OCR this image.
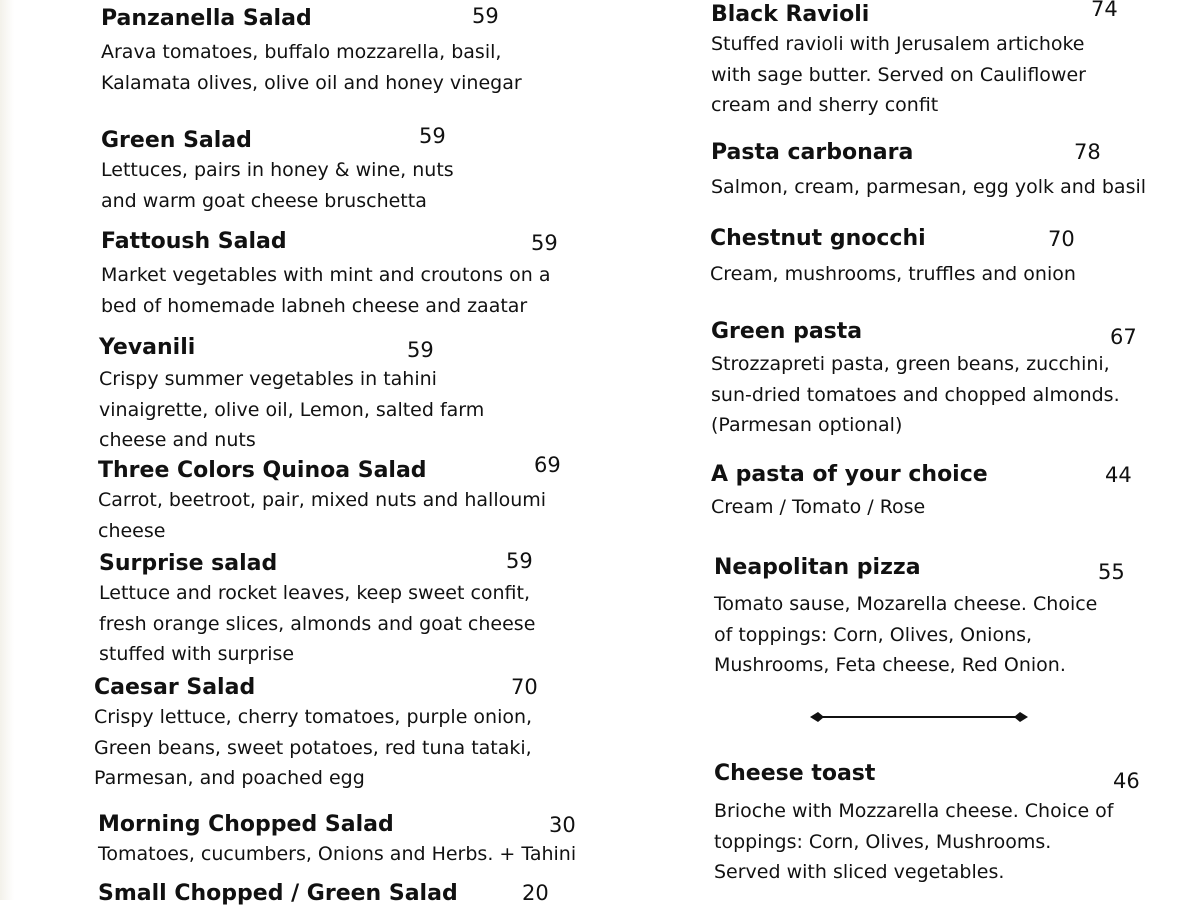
Panzanella Salad	59
Arava tomatoes, buffalo mozzarella, basil,
Kalamata olives, olive oil and honey vinegar
Green Salad	59
Lettuces, pairs in honey & wine, nuts
and warm goat cheese bruschetta
Fattoush Salad	59
Market vegetables with mint and croutons on a
bed of homemade labneh cheese and zaatar
Yevanili	59
Crispy summer vegetables in tahini
vinaigrette, olive oil, Lemon, salted farm
cheese and nuts
Three Colors Quinoa Salad	69
Carrot, beetroot, pair, mixed nuts and halloumi
cheese
Surprise salad	59
Lettuce and rocket leaves, keep sweet confit,
fresh orange slices, almonds and goat cheese
stuffed with surprise
Caesar Salad	70
Crispy lettuce, cherry tomatoes, purple onion,
Green beans, sweet potatoes, red tuna tataki,
Parmesan, and poached egg
Morning Chopped Salad	30
Tomatoes, cucumbers, Onions and Herbs. + Tahini
Small Chopped / Green Salad	20
Black Ravioli	74
Stuffed ravioli with Jerusalem artichoke
with sage butter. Served on Cauliflower
cream and sherry confit
Pasta carbonara	78
Salmon, cream, parmesan, egg yolk and basil
Chestnut gnocchi	70
Cream, mushrooms, truffles and onion
Green pasta	67
Strozzapreti pasta, green beans, zucchini,
sun-dried tomatoes and chopped almonds.
(Parmesan optional)
A pasta of your choice	44
Cream / Tomato / Rose
Neapolitan pizza	55
Tomato sause, Mozarella cheese. Choice
of toppings: Corn, Olives, Onions,
Mushrooms, Feta cheese, Red Onion.
Cheese toast	46
Brioche with Mozzarella cheese. Choice of
toppings: Corn, Olives, Mushrooms.
Served with sliced vegetables.
